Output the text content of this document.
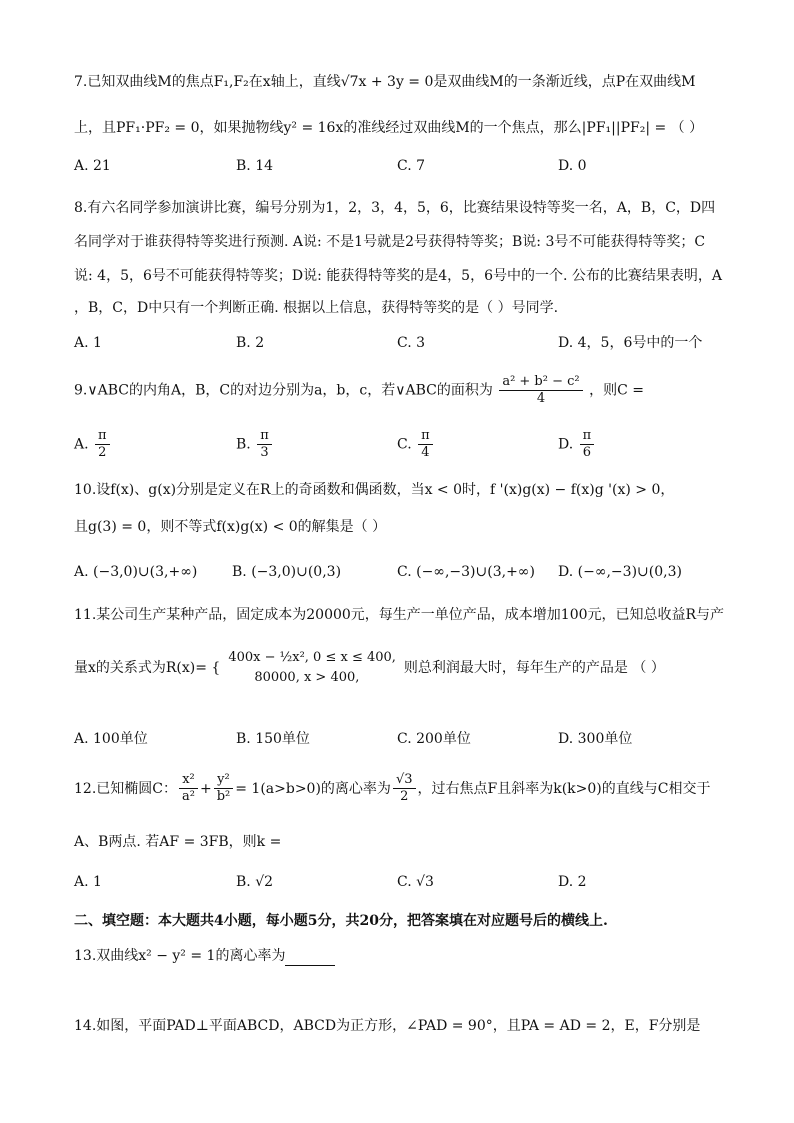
7.已知双曲线M的焦点F₁,F₂在x轴上，直线√7x + 3y = 0是双曲线M的一条渐近线，点P在双曲线M
上，且PF₁·PF₂ = 0，如果抛物线y² = 16x的准线经过双曲线M的一个焦点，那么|PF₁||PF₂| = （ ）
A. 21	B. 14	C. 7	D. 0
8.有六名同学参加演讲比赛，编号分别为1，2，3，4，5，6，比赛结果设特等奖一名，A，B，C，D四
名同学对于谁获得特等奖进行预测. A说: 不是1号就是2号获得特等奖；B说: 3号不可能获得特等奖；C
说: 4，5，6号不可能获得特等奖；D说: 能获得特等奖的是4，5，6号中的一个. 公布的比赛结果表明，A
，B，C，D中只有一个判断正确. 根据以上信息，获得特等奖的是（ ）号同学.
A. 1	B. 2	C. 3	D. 4，5，6号中的一个
9.∨ABC的内角A，B，C的对边分别为a，b，c，若∨ABC的面积为 $\frac{\text{a² + b² − c²}}{4}$ ，则C =
A. $\frac{\pi}{2}$	B. $\frac{\pi}{3}$	C. $\frac{\pi}{4}$	D. $\frac{\pi}{6}$
10.设f(x)、g(x)分别是定义在R上的奇函数和偶函数，当x < 0时，f '(x)g(x) − f(x)g '(x) > 0，
且g(3) = 0，则不等式f(x)g(x) < 0的解集是（ ）
A. (−3,0)∪(3,+∞) B. (−3,0)∪(0,3)	C. (−∞,−3)∪(3,+∞) D. (−∞,−3)∪(0,3)
11.某公司生产某种产品，固定成本为20000元，每生产一单位产品，成本增加100元，已知总收益R与产
量x的关系式为R(x)= {
400x − ½x², 0 ≤ x ≤ 400,
80000, x > 400,
则总利润最大时，每年生产的产品是 （ ）
A. 100单位	B. 150单位	C. 200单位	D. 300单位
12.已知椭圆C： $\frac{\text{x²}}{\text{a²}} + \frac{\text{y²}}{\text{b²}} = 1(a>b>0)$的离心率为 $\frac{√3}{2}$ ，过右焦点F且斜率为k(k>0)的直线与C相交于
A、B两点. 若AF = 3FB，则k =
A. 1	B. √2	C. √3	D. 2
二、填空题：本大题共4小题，每小题5分，共20分，把答案填在对应题号后的横线上.
13.双曲线x² − y² = 1的离心率为
14.如图，平面PAD⊥平面ABCD，ABCD为正方形，∠PAD = 90°，且PA = AD = 2，E，F分别是
